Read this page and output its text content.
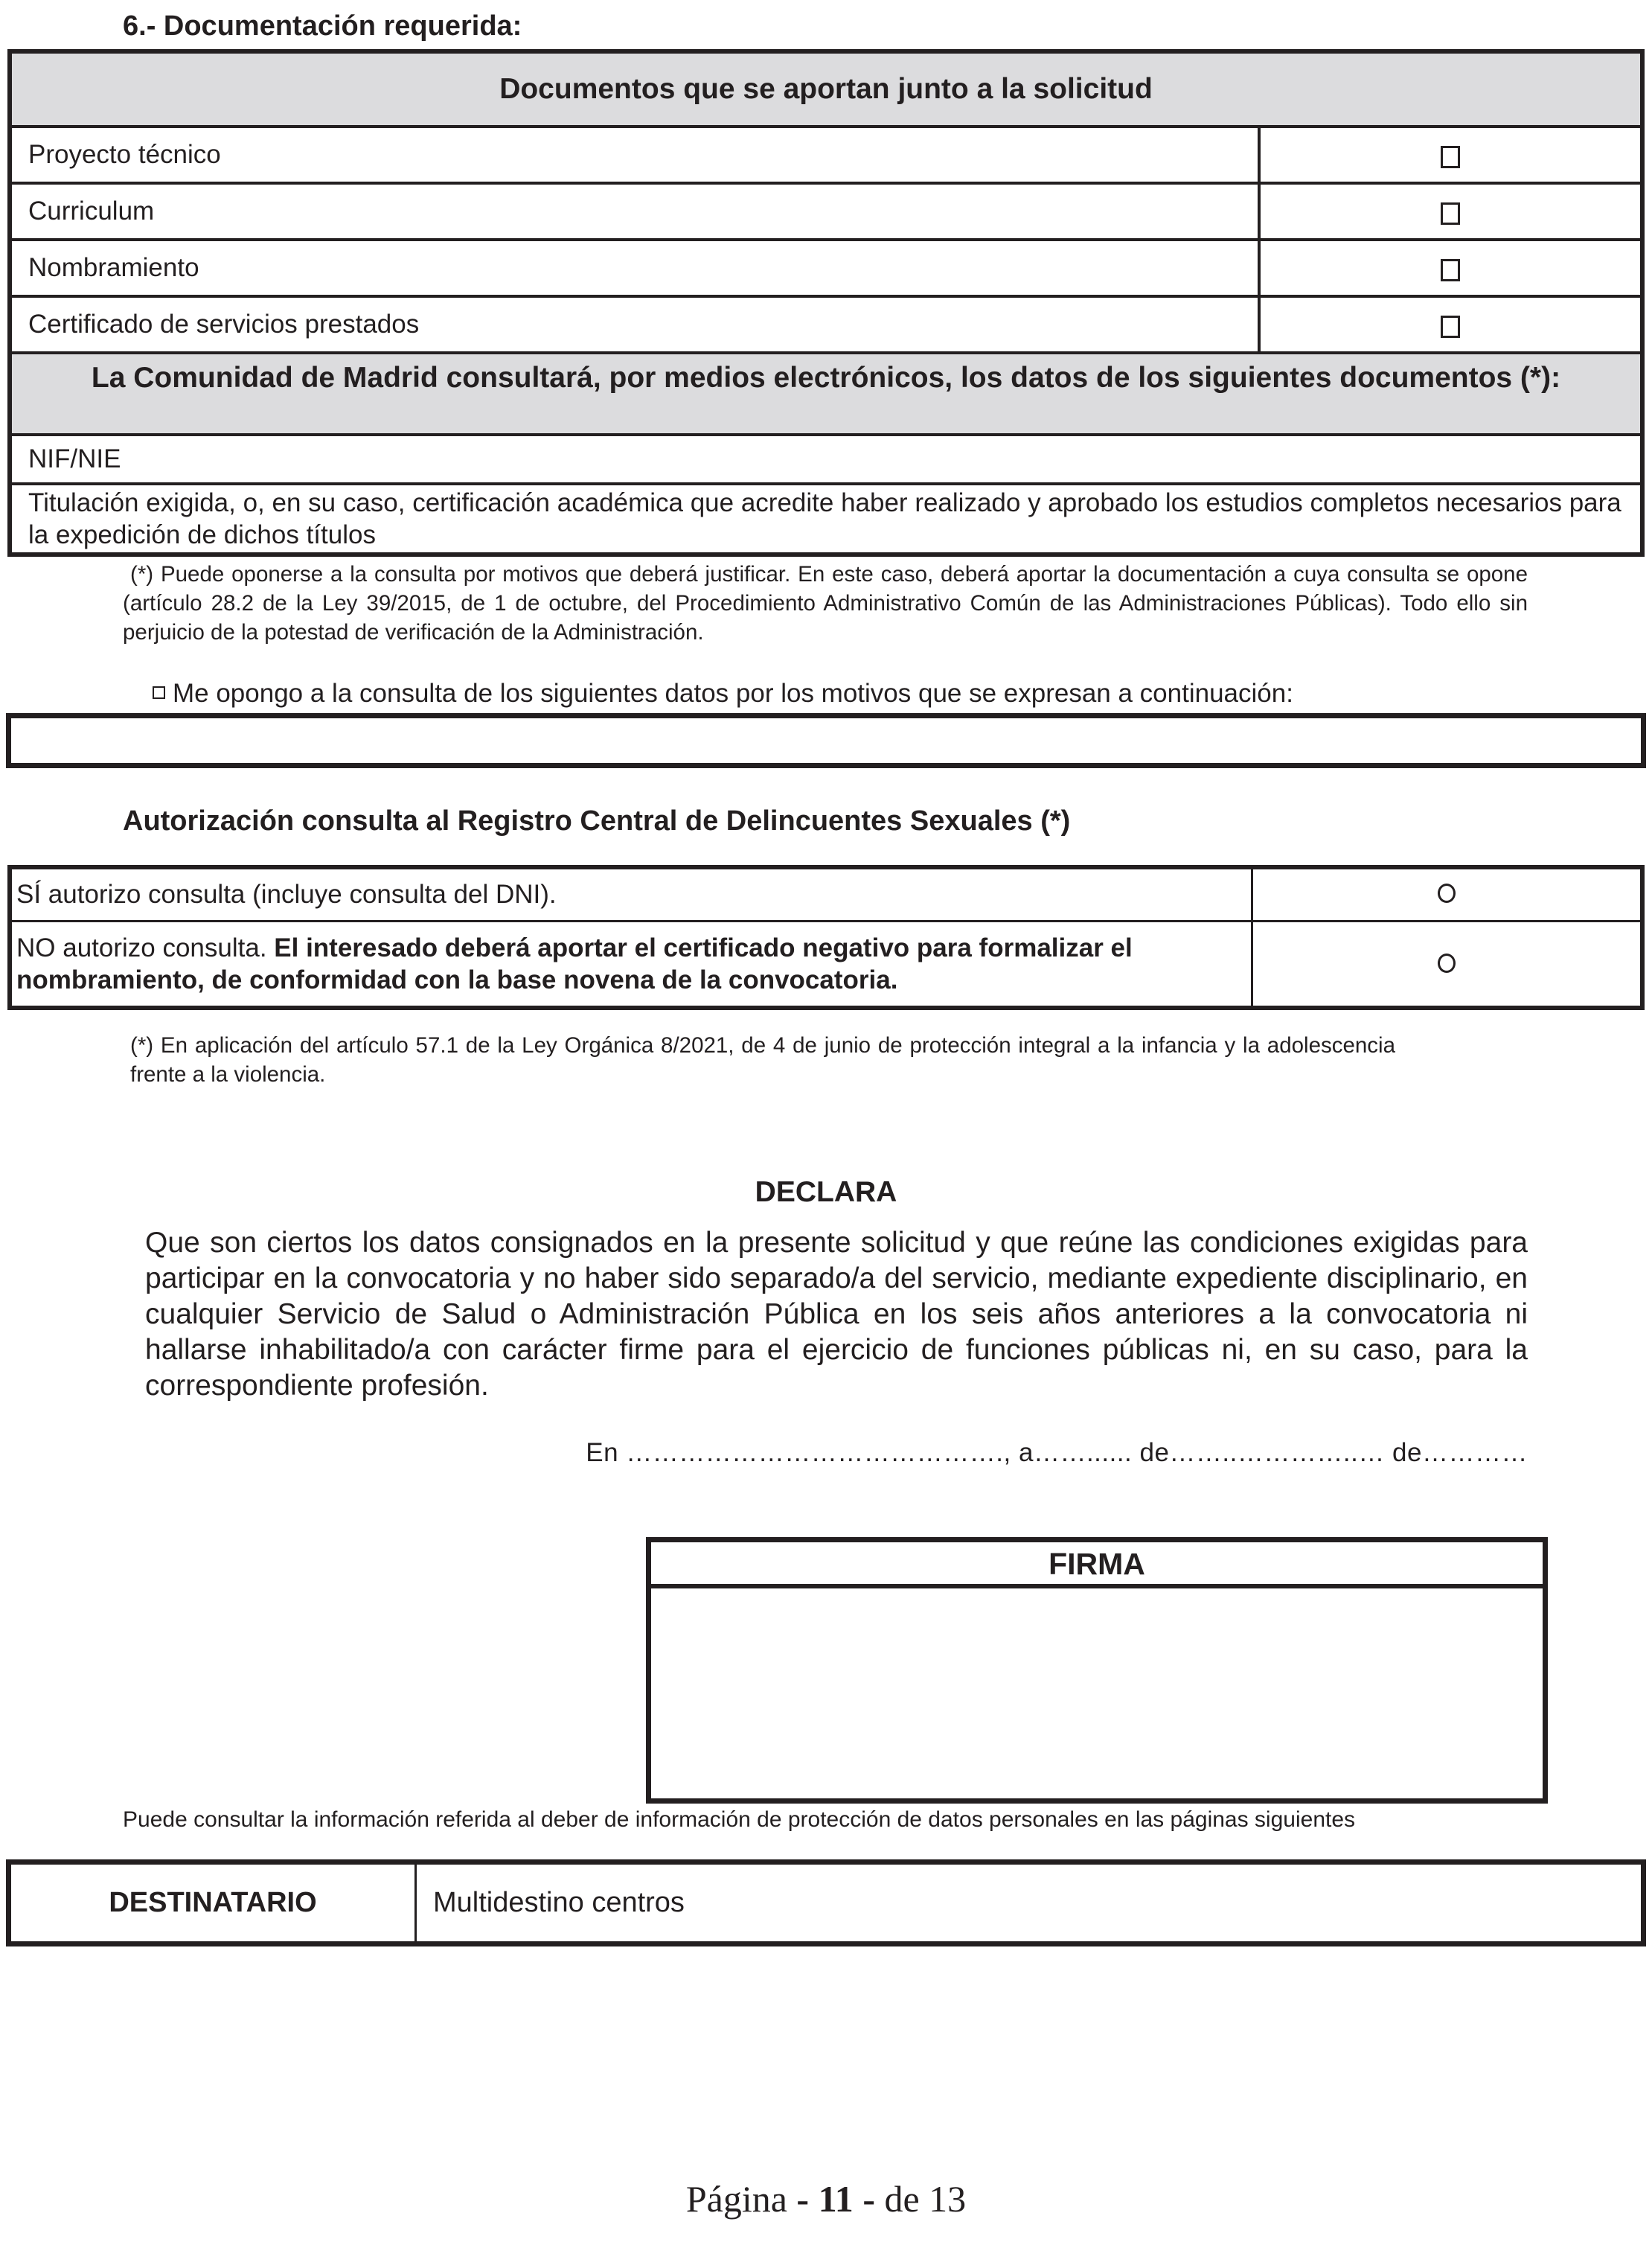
6.- Documentación requerida:
Documentos que se aportan junto a la solicitud	
Proyecto técnico	
Curriculum	
Nombramiento	
Certificado de servicios prestados	
La Comunidad de Madrid consultará, por medios electrónicos, los datos de los siguientes documentos (*):	
NIF/NIE	
Titulación exigida, o, en su caso, certificación académica que acredite haber realizado y aprobado los estudios completos necesarios para la expedición de dichos títulos	
(*) Puede oponerse a la consulta por motivos que deberá justificar. En este caso, deberá aportar la documentación a cuya consulta se opone (artículo 28.2 de la Ley 39/2015, de 1 de octubre, del Procedimiento Administrativo Común de las Administraciones Públicas). Todo ello sin perjuicio de la potestad de verificación de la Administración.
Me opongo a la consulta de los siguientes datos por los motivos que se expresan a continuación:
Autorización consulta al Registro Central de Delincuentes Sexuales (*)
SÍ autorizo consulta (incluye consulta del DNI).	
NO autorizo consulta. El interesado deberá aportar el certificado negativo para formalizar el nombramiento, de conformidad con la base novena de la convocatoria.	
(*) En aplicación del artículo 57.1 de la Ley Orgánica 8/2021, de 4 de junio de protección integral a la infancia y la adolescencia frente a la violencia.
DECLARA
Que son ciertos los datos consignados en la presente solicitud y que reúne las condiciones exigidas para participar en la convocatoria y no haber sido separado/a del servicio, mediante expediente disciplinario, en cualquier Servicio de Salud o Administración Pública en los seis años anteriores a la convocatoria ni hallarse inhabilitado/a con carácter firme para el ejercicio de funciones públicas ni, en su caso, para la correspondiente profesión.
En ……………………………………., a……...... de……..…………..… de…………
FIRMA
Puede consultar la información referida al deber de información de protección de datos personales en las páginas siguientes
DESTINATARIO	Multidestino centros
Página - 11 - de 13
